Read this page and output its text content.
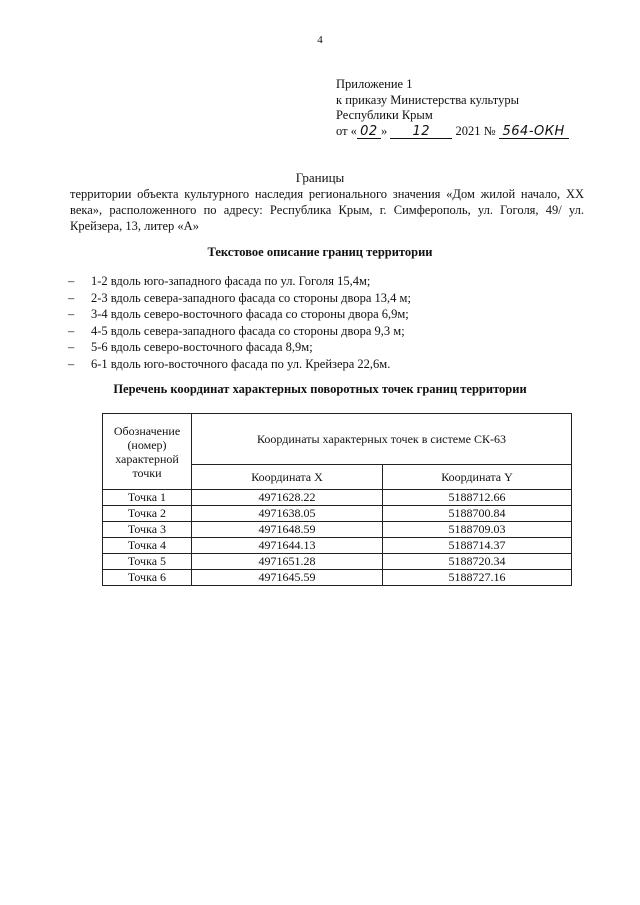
4
Приложение 1
к приказу Министерства культуры
Республики Крым
от « 02 » 12 2021 № 564-ОКН
Границы
территории объекта культурного наследия регионального значения «Дом жилой начало, XX века», расположенного по адресу: Республика Крым, г. Симферополь, ул. Гоголя, 49/ ул. Крейзера, 13, литер «А»
Текстовое описание границ территории
– 1-2 вдоль юго-западного фасада по ул. Гоголя 15,4м;
– 2-3 вдоль севера-западного фасада со стороны двора 13,4 м;
– 3-4 вдоль северо-восточного фасада со стороны двора 6,9м;
– 4-5 вдоль севера-западного фасада со стороны двора 9,3 м;
– 5-6 вдоль северо-восточного фасада 8,9м;
– 6-1 вдоль юго-восточного фасада по ул. Крейзера 22,6м.
Перечень координат характерных поворотных точек границ территории
Обозначение (номер) характерной точки	Координаты характерных точек в системе СК-63	
	Координата X	Координата Y
Точка 1	4971628.22	5188712.66
Точка 2	4971638.05	5188700.84
Точка 3	4971648.59	5188709.03
Точка 4	4971644.13	5188714.37
Точка 5	4971651.28	5188720.34
Точка 6	4971645.59	5188727.16
